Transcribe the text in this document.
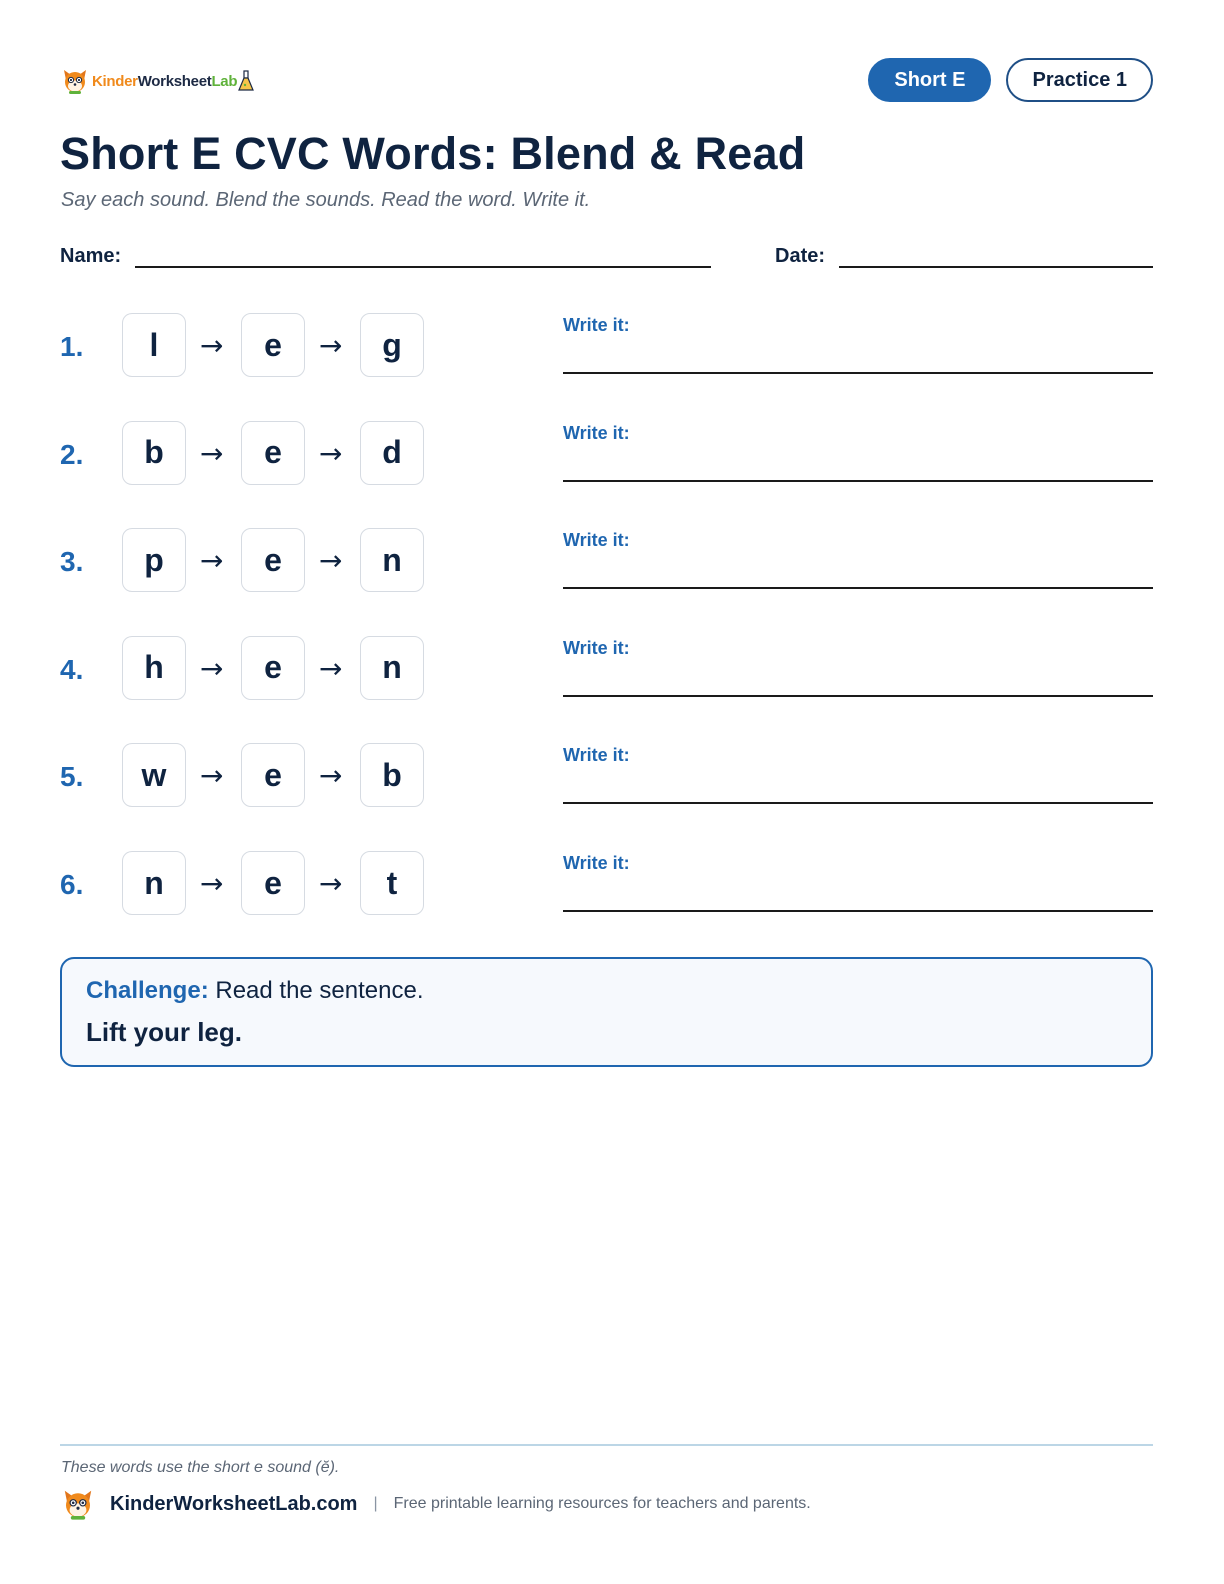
KinderWorksheetLab	Short E	Practice 1
Short E CVC Words: Blend & Read
Say each sound. Blend the sounds. Read the word. Write it.
Name:	Date:
1.	l	→	e	→	g
Write it:
2.	b	→	e	→	d
Write it:
3.	p	→	e	→	n
Write it:
4.	h	→	e	→	n
Write it:
5.	w	→	e	→	b
Write it:
6.	n	→	e	→	t
Write it:
Challenge: Read the sentence.
Lift your leg.
These words use the short e sound (ĕ).
KinderWorksheetLab.com | Free printable learning resources for teachers and parents.
